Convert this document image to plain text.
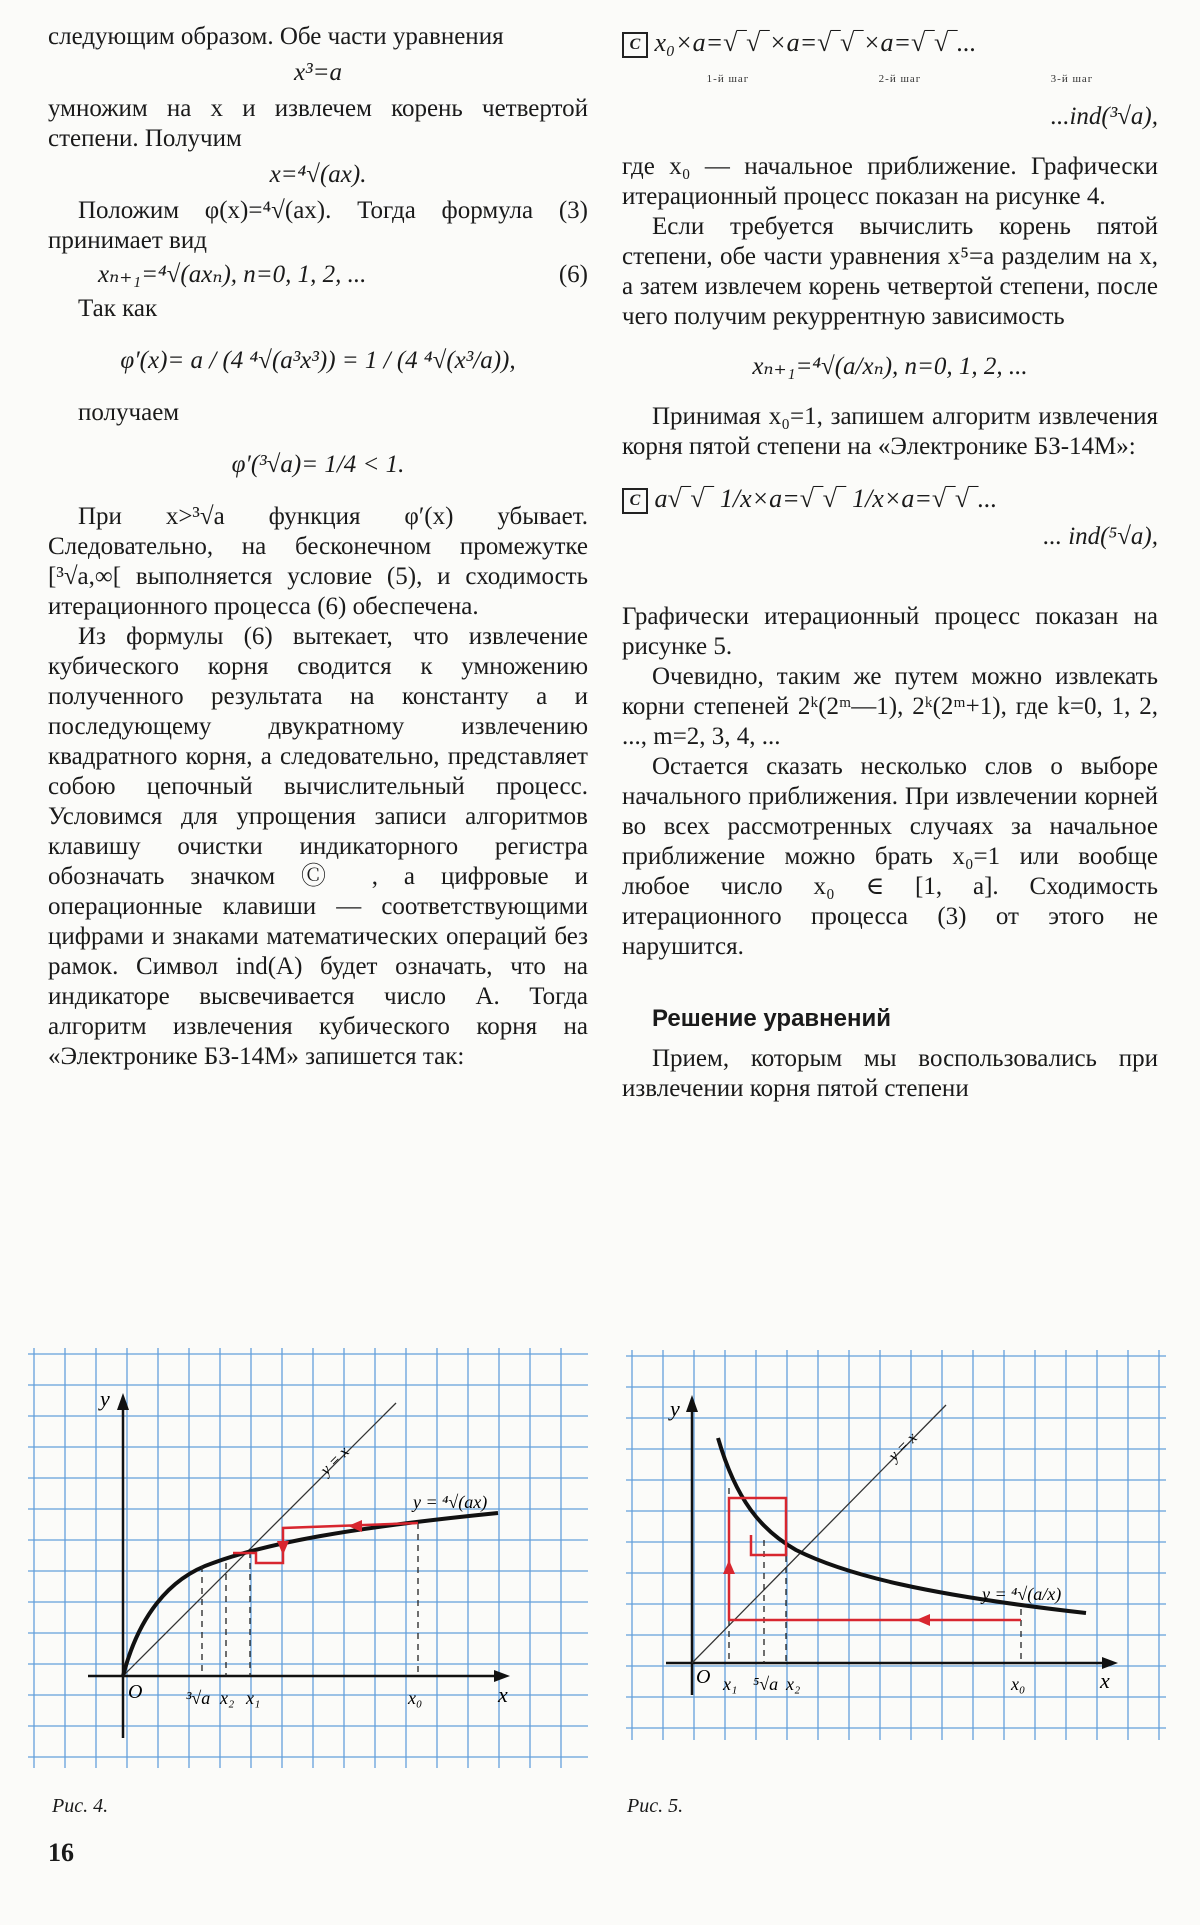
следующим образом. Обе части уравнения

x³=a

умножим на x и извлечем корень четвертой степени. Получим

x=⁴√(ax).

Положим φ(x)=⁴√(ax). Тогда формула (3) принимает вид

xₙ₊₁=⁴√(axₙ), n=0, 1, 2, ...	(6)

Так как

φ′(x)= a / (4 ⁴√(a³x³)) = 1 / (4 ⁴√(x³/a)),

получаем

φ′(³√a)= 1/4 < 1.

При x>³√a функция φ′(x) убывает. Следовательно, на бесконечном промежутке [³√a,∞[ выполняется условие (5), и сходимость итерационного процесса (6) обеспечена.

Из формулы (6) вытекает, что извлечение кубического корня сводится к умножению полученного результата на константу a и последующему двукратному извлечению квадратного корня, а следовательно, представляет собою цепочный вычислительный процесс. Условимся для упрощения записи алгоритмов клавишу очистки индикаторного регистра обозначать значком Ⓒ , а цифровые и операционные клавиши — соответствующими цифрами и знаками математических операций без рамок. Символ ind(A) будет означать, что на индикаторе высвечивается число A. Тогда алгоритм извлечения кубического корня на «Электронике БЗ-14М» запишется так:

C x₀×a=√‾√‾×a=√‾√‾×a=√‾√‾...
1-й шаг	2-й шаг	3-й шаг

...ind(³√a),

где x₀ — начальное приближение. Графически итерационный процесс показан на рисунке 4.

Если требуется вычислить корень пятой степени, обе части уравнения x⁵=a разделим на x, а затем извлечем корень четвертой степени, после чего получим рекуррентную зависимость

xₙ₊₁=⁴√(a/xₙ), n=0, 1, 2, ...

Принимая x₀=1, запишем алгоритм извлечения корня пятой степени на «Электронике БЗ-14М»:

C a√‾√‾ 1/x×a=√‾√‾ 1/x×a=√‾√‾...

... ind(⁵√a),

Графически итерационный процесс показан на рисунке 5.

Очевидно, таким же путем можно извлекать корни степеней 2ᵏ(2ᵐ—1), 2ᵏ(2ᵐ+1), где k=0, 1, 2, ..., m=2, 3, 4, ...

Остается сказать несколько слов о выборе начального приближения. При извлечении корней во всех рассмотренных случаях за начальное приближение можно брать x₀=1 или вообще любое число x₀ ∈ [1, a]. Сходимость итерационного процесса (3) от этого не нарушится.

Решение уравнений

Прием, которым мы воспользовались при извлечении корня пятой степени

y
x
O
y = x
y = ⁴√(ax)
³√a x₂ x₁	x₀
Рис. 4.
y
x
O
y = x
y = ⁴√(a/x)
x₁ ⁵√a x₂	x₀
Рис. 5.
16
